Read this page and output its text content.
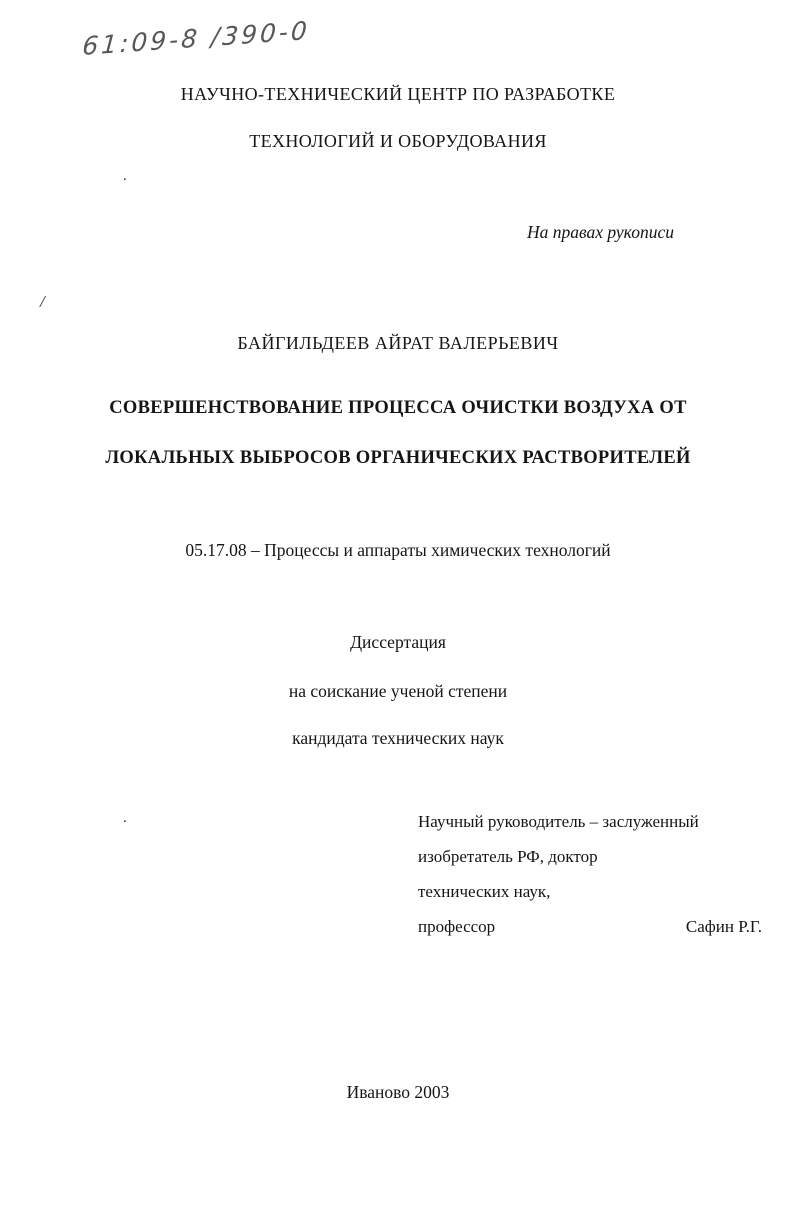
61:09-8 /390-0
НАУЧНО-ТЕХНИЧЕСКИЙ ЦЕНТР ПО РАЗРАБОТКЕ
ТЕХНОЛОГИЙ И ОБОРУДОВАНИЯ
.
На правах рукописи
/
БАЙГИЛЬДЕЕВ АЙРАТ ВАЛЕРЬЕВИЧ
СОВЕРШЕНСТВОВАНИЕ ПРОЦЕССА ОЧИСТКИ ВОЗДУХА ОТ
ЛОКАЛЬНЫХ ВЫБРОСОВ ОРГАНИЧЕСКИХ РАСТВОРИТЕЛЕЙ
05.17.08 – Процессы и аппараты химических технологий
Диссертация
на соискание ученой степени
кандидата технических наук
.	Научный руководитель – заслуженный
изобретатель РФ, доктор
технических наук,
профессор	Сафин Р.Г.
Иваново 2003
